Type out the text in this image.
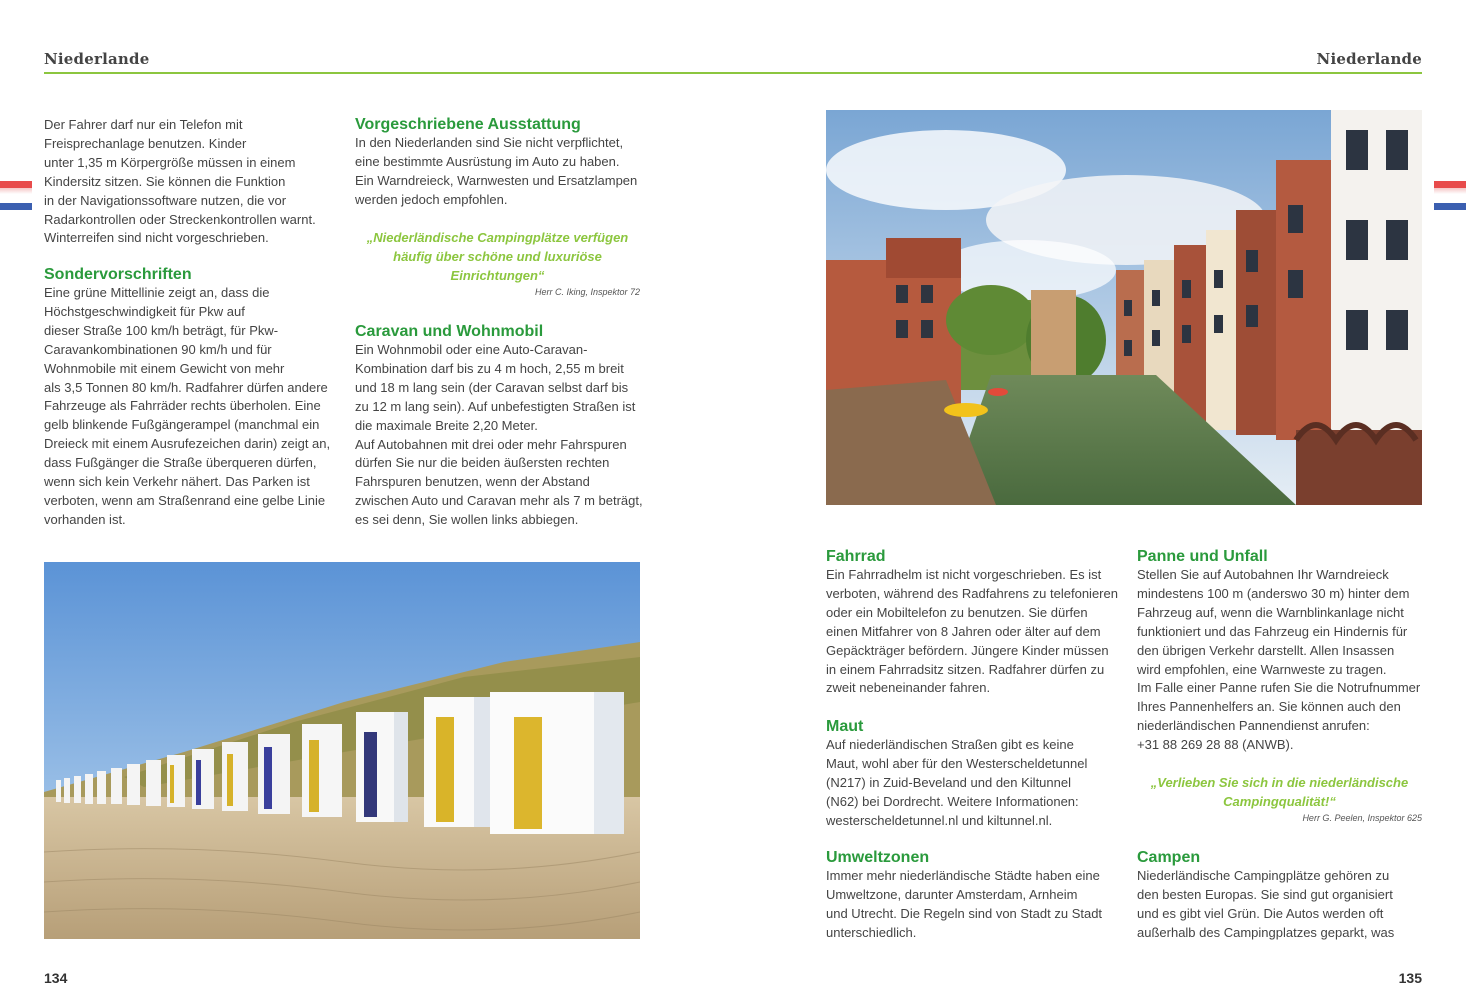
Niederlande	Niederlande

Der Fahrer darf nur ein Telefon mit
Freisprechanlage benutzen. Kinder
unter 1,35 m Körpergröße müssen in einem
Kindersitz sitzen. Sie können die Funktion
in der Navigationssoftware nutzen, die vor
Radarkontrollen oder Streckenkontrollen warnt.
Winterreifen sind nicht vorgeschrieben.

Sondervorschriften

Eine grüne Mittellinie zeigt an, dass die
Höchstgeschwindigkeit für Pkw auf
dieser Straße 100 km/h beträgt, für Pkw-
Caravankombinationen 90 km/h und für
Wohnmobile mit einem Gewicht von mehr
als 3,5 Tonnen 80 km/h. Radfahrer dürfen andere
Fahrzeuge als Fahrräder rechts überholen. Eine
gelb blinkende Fußgängerampel (manchmal ein
Dreieck mit einem Ausrufezeichen darin) zeigt an,
dass Fußgänger die Straße überqueren dürfen,
wenn sich kein Verkehr nähert. Das Parken ist
verboten, wenn am Straßenrand eine gelbe Linie
vorhanden ist.

Vorgeschriebene Ausstattung

In den Niederlanden sind Sie nicht verpflichtet,
eine bestimmte Ausrüstung im Auto zu haben.
Ein Warndreieck, Warnwesten und Ersatzlampen
werden jedoch empfohlen.

„Niederländische Campingplätze verfügen
häufig über schöne und luxuriöse
Einrichtungen“
Herr C. Iking, Inspektor 72
Caravan und Wohnmobil

Ein Wohnmobil oder eine Auto-Caravan-
Kombination darf bis zu 4 m hoch, 2,55 m breit
und 18 m lang sein (der Caravan selbst darf bis
zu 12 m lang sein). Auf unbefestigten Straßen ist
die maximale Breite 2,20 Meter.
Auf Autobahnen mit drei oder mehr Fahrspuren
dürfen Sie nur die beiden äußersten rechten
Fahrspuren benutzen, wenn der Abstand
zwischen Auto und Caravan mehr als 7 m beträgt,
es sei denn, Sie wollen links abbiegen.

Fahrrad

Ein Fahrradhelm ist nicht vorgeschrieben. Es ist
verboten, während des Radfahrens zu telefonieren
oder ein Mobiltelefon zu benutzen. Sie dürfen
einen Mitfahrer von 8 Jahren oder älter auf dem
Gepäckträger befördern. Jüngere Kinder müssen
in einem Fahrradsitz sitzen. Radfahrer dürfen zu
zweit nebeneinander fahren.

Maut

Auf niederländischen Straßen gibt es keine
Maut, wohl aber für den Westerscheldetunnel
(N217) in Zuid-Beveland und den Kiltunnel
(N62) bei Dordrecht. Weitere Informationen:
westerscheldetunnel.nl und kiltunnel.nl.

Umweltzonen

Immer mehr niederländische Städte haben eine
Umweltzone, darunter Amsterdam, Arnheim
und Utrecht. Die Regeln sind von Stadt zu Stadt
unterschiedlich.

Panne und Unfall

Stellen Sie auf Autobahnen Ihr Warndreieck
mindestens 100 m (anderswo 30 m) hinter dem
Fahrzeug auf, wenn die Warnblinkanlage nicht
funktioniert und das Fahrzeug ein Hindernis für
den übrigen Verkehr darstellt. Allen Insassen
wird empfohlen, eine Warnweste zu tragen.
Im Falle einer Panne rufen Sie die Notrufnummer
Ihres Pannenhelfers an. Sie können auch den
niederländischen Pannendienst anrufen:
+31 88 269 28 88 (ANWB).

„Verlieben Sie sich in die niederländische
Campingqualität!“
Herr G. Peelen, Inspektor 625
Campen

Niederländische Campingplätze gehören zu
den besten Europas. Sie sind gut organisiert
und es gibt viel Grün. Die Autos werden oft
außerhalb des Campingplatzes geparkt, was

134	135
